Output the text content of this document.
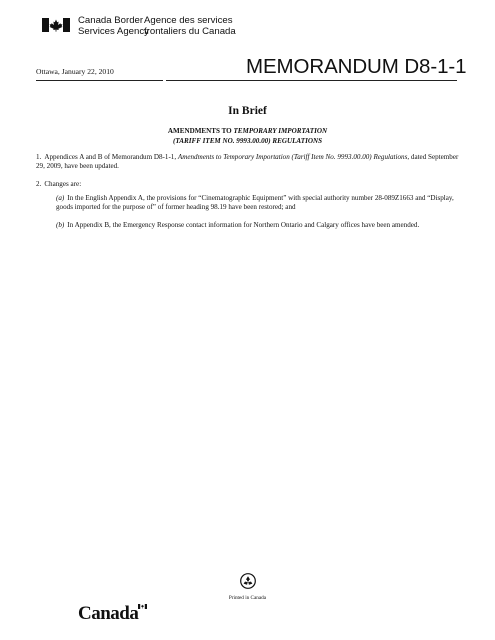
Canada Border
Services Agency
Agence des services
frontaliers du Canada
Ottawa, January 22, 2010	MEMORANDUM D8-1-1
In Brief
AMENDMENTS TO TEMPORARY IMPORTATION
(TARIFF ITEM NO. 9993.00.00) REGULATIONS
1. Appendices A and B of Memorandum D8-1-1, Amendments to Temporary Importation (Tariff Item No. 9993.00.00) Regulations, dated September 29, 2009, have been updated.
2. Changes are:
(a) In the English Appendix A, the provisions for “Cinematographic Equipment” with special authority number 28-089Z1663 and “Display, goods imported for the purpose of” of former heading 98.19 have been restored; and
(b) In Appendix B, the Emergency Response contact information for Northern Ontario and Calgary offices have been amended.
Printed in Canada
Canada
